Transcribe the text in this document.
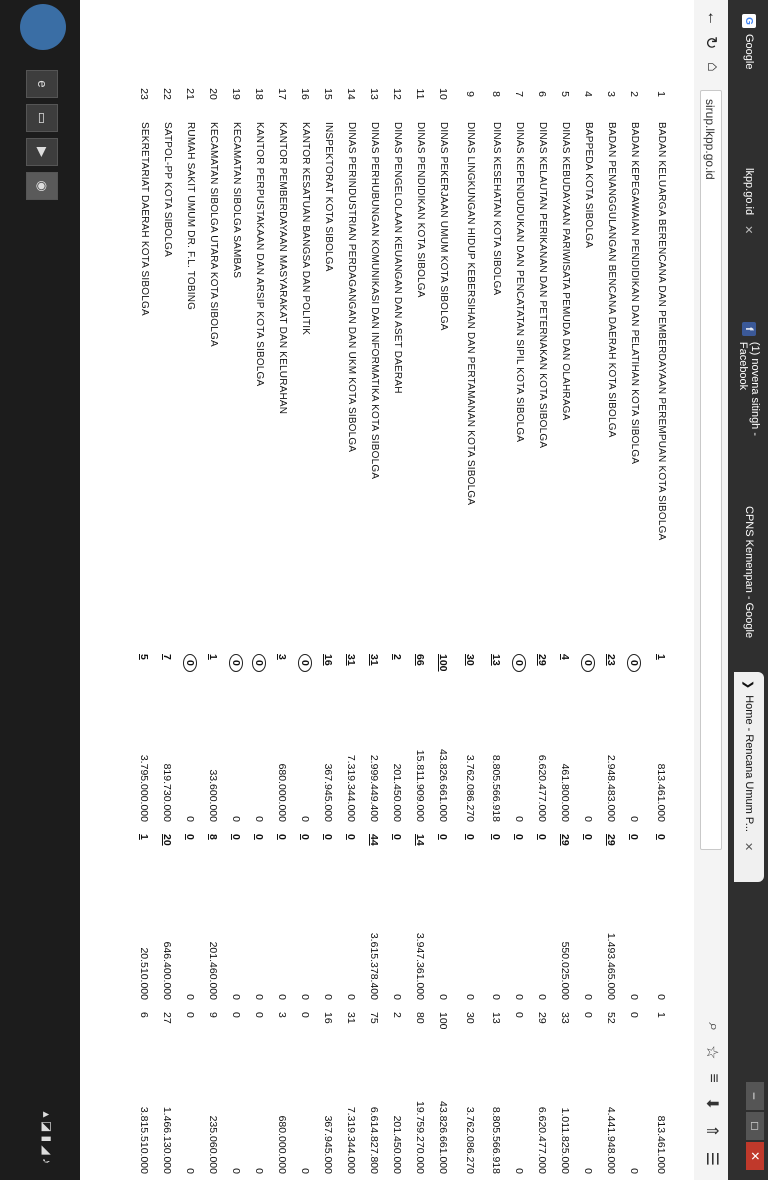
G
Google
lkpp.go.id
✕
f
(1) novena sitingh - Facebook
CPNS Kemenpan - Google
❯
Home - Rencana Umum P...
✕
–
□
✕
←
↻
⌂
sirup.lkpp.go.id
⌕
☆
≡
⬇
⇑
☰
1	BADAN KELUARGA BERENCANA DAN PEMBERDAYAAN PEREMPUAN KOTA SIBOLGA	1	813.461.000	0	0	1	813.461.000
2	BADAN KEPEGAWAIAN PENDIDIKAN DAN PELATIHAN KOTA SIBOLGA	0	0	0	0	0	0
3	BADAN PENANGGULANGAN BENCANA DAERAH KOTA SIBOLGA	23	2.948.483.000	29	1.493.465.000	52	4.441.948.000
4	BAPPEDA KOTA SIBOLGA	0	0	0	0	0	0
5	DINAS KEBUDAYAAN PARIWISATA PEMUDA DAN OLAHRAGA	4	461.800.000	29	550.025.000	33	1.011.825.000
6	DINAS KELAUTAN PERIKANAN DAN PETERNAKAN KOTA SIBOLGA	29	6.620.477.000	0	0	29	6.620.477.000
7	DINAS KEPENDUDUKAN DAN PENCATATAN SIPIL KOTA SIBOLGA	0	0	0	0	0	0
8	DINAS KESEHATAN KOTA SIBOLGA	13	8.805.566.918	0	0	13	8.805.566.918
9	DINAS LINGKUNGAN HIDUP KEBERSIHAN DAN PERTAMANAN KOTA SIBOLGA	30	3.762.086.270	0	0	30	3.762.086.270
10	DINAS PEKERJAAN UMUM KOTA SIBOLGA	100	43.826.661.000	0	0	100	43.826.661.000
11	DINAS PENDIDIKAN KOTA SIBOLGA	66	15.811.909.000	14	3.947.361.000	80	19.759.270.000
12	DINAS PENGELOLAAN KEUANGAN DAN ASET DAERAH	2	201.450.000	0	0	2	201.450.000
13	DINAS PERHUBUNGAN KOMUNIKASI DAN INFORMATIKA KOTA SIBOLGA	31	2.999.449.400	44	3.615.378.400	75	6.614.827.800
14	DINAS PERINDUSTRIAN PERDAGANGAN DAN UKM KOTA SIBOLGA	31	7.319.344.000	0	0	31	7.319.344.000
15	INSPEKTORAT KOTA SIBOLGA	16	367.945.000	0	0	16	367.945.000
16	KANTOR KESATUAN BANGSA DAN POLITIK	0	0	0	0	0	0
17	KANTOR PEMBERDAYAAN MASYARAKAT DAN KELURAHAN	3	680.000.000	0	0	3	680.000.000
18	KANTOR PERPUSTAKAAN DAN ARSIP KOTA SIBOLGA	0	0	0	0	0	0
19	KECAMATAN SIBOLGA SAMBAS	0	0	0	0	0	0
20	KECAMATAN SIBOLGA UTARA KOTA SIBOLGA	1	33.600.000	8	201.460.000	9	235.060.000
21	RUMAH SAKIT UMUM DR. F.L. TOBING	0	0	0	0	0	0
22	SATPOL-PP KOTA SIBOLGA	7	819.730.000	20	646.400.000	27	1.466.130.000
23	SEKRETARIAT DAERAH KOTA SIBOLGA	5	3.795.000.000	1	20.510.000	6	3.815.510.000
e
▭
▶
◉
▴ ◪ ▮ ◢ ♪
